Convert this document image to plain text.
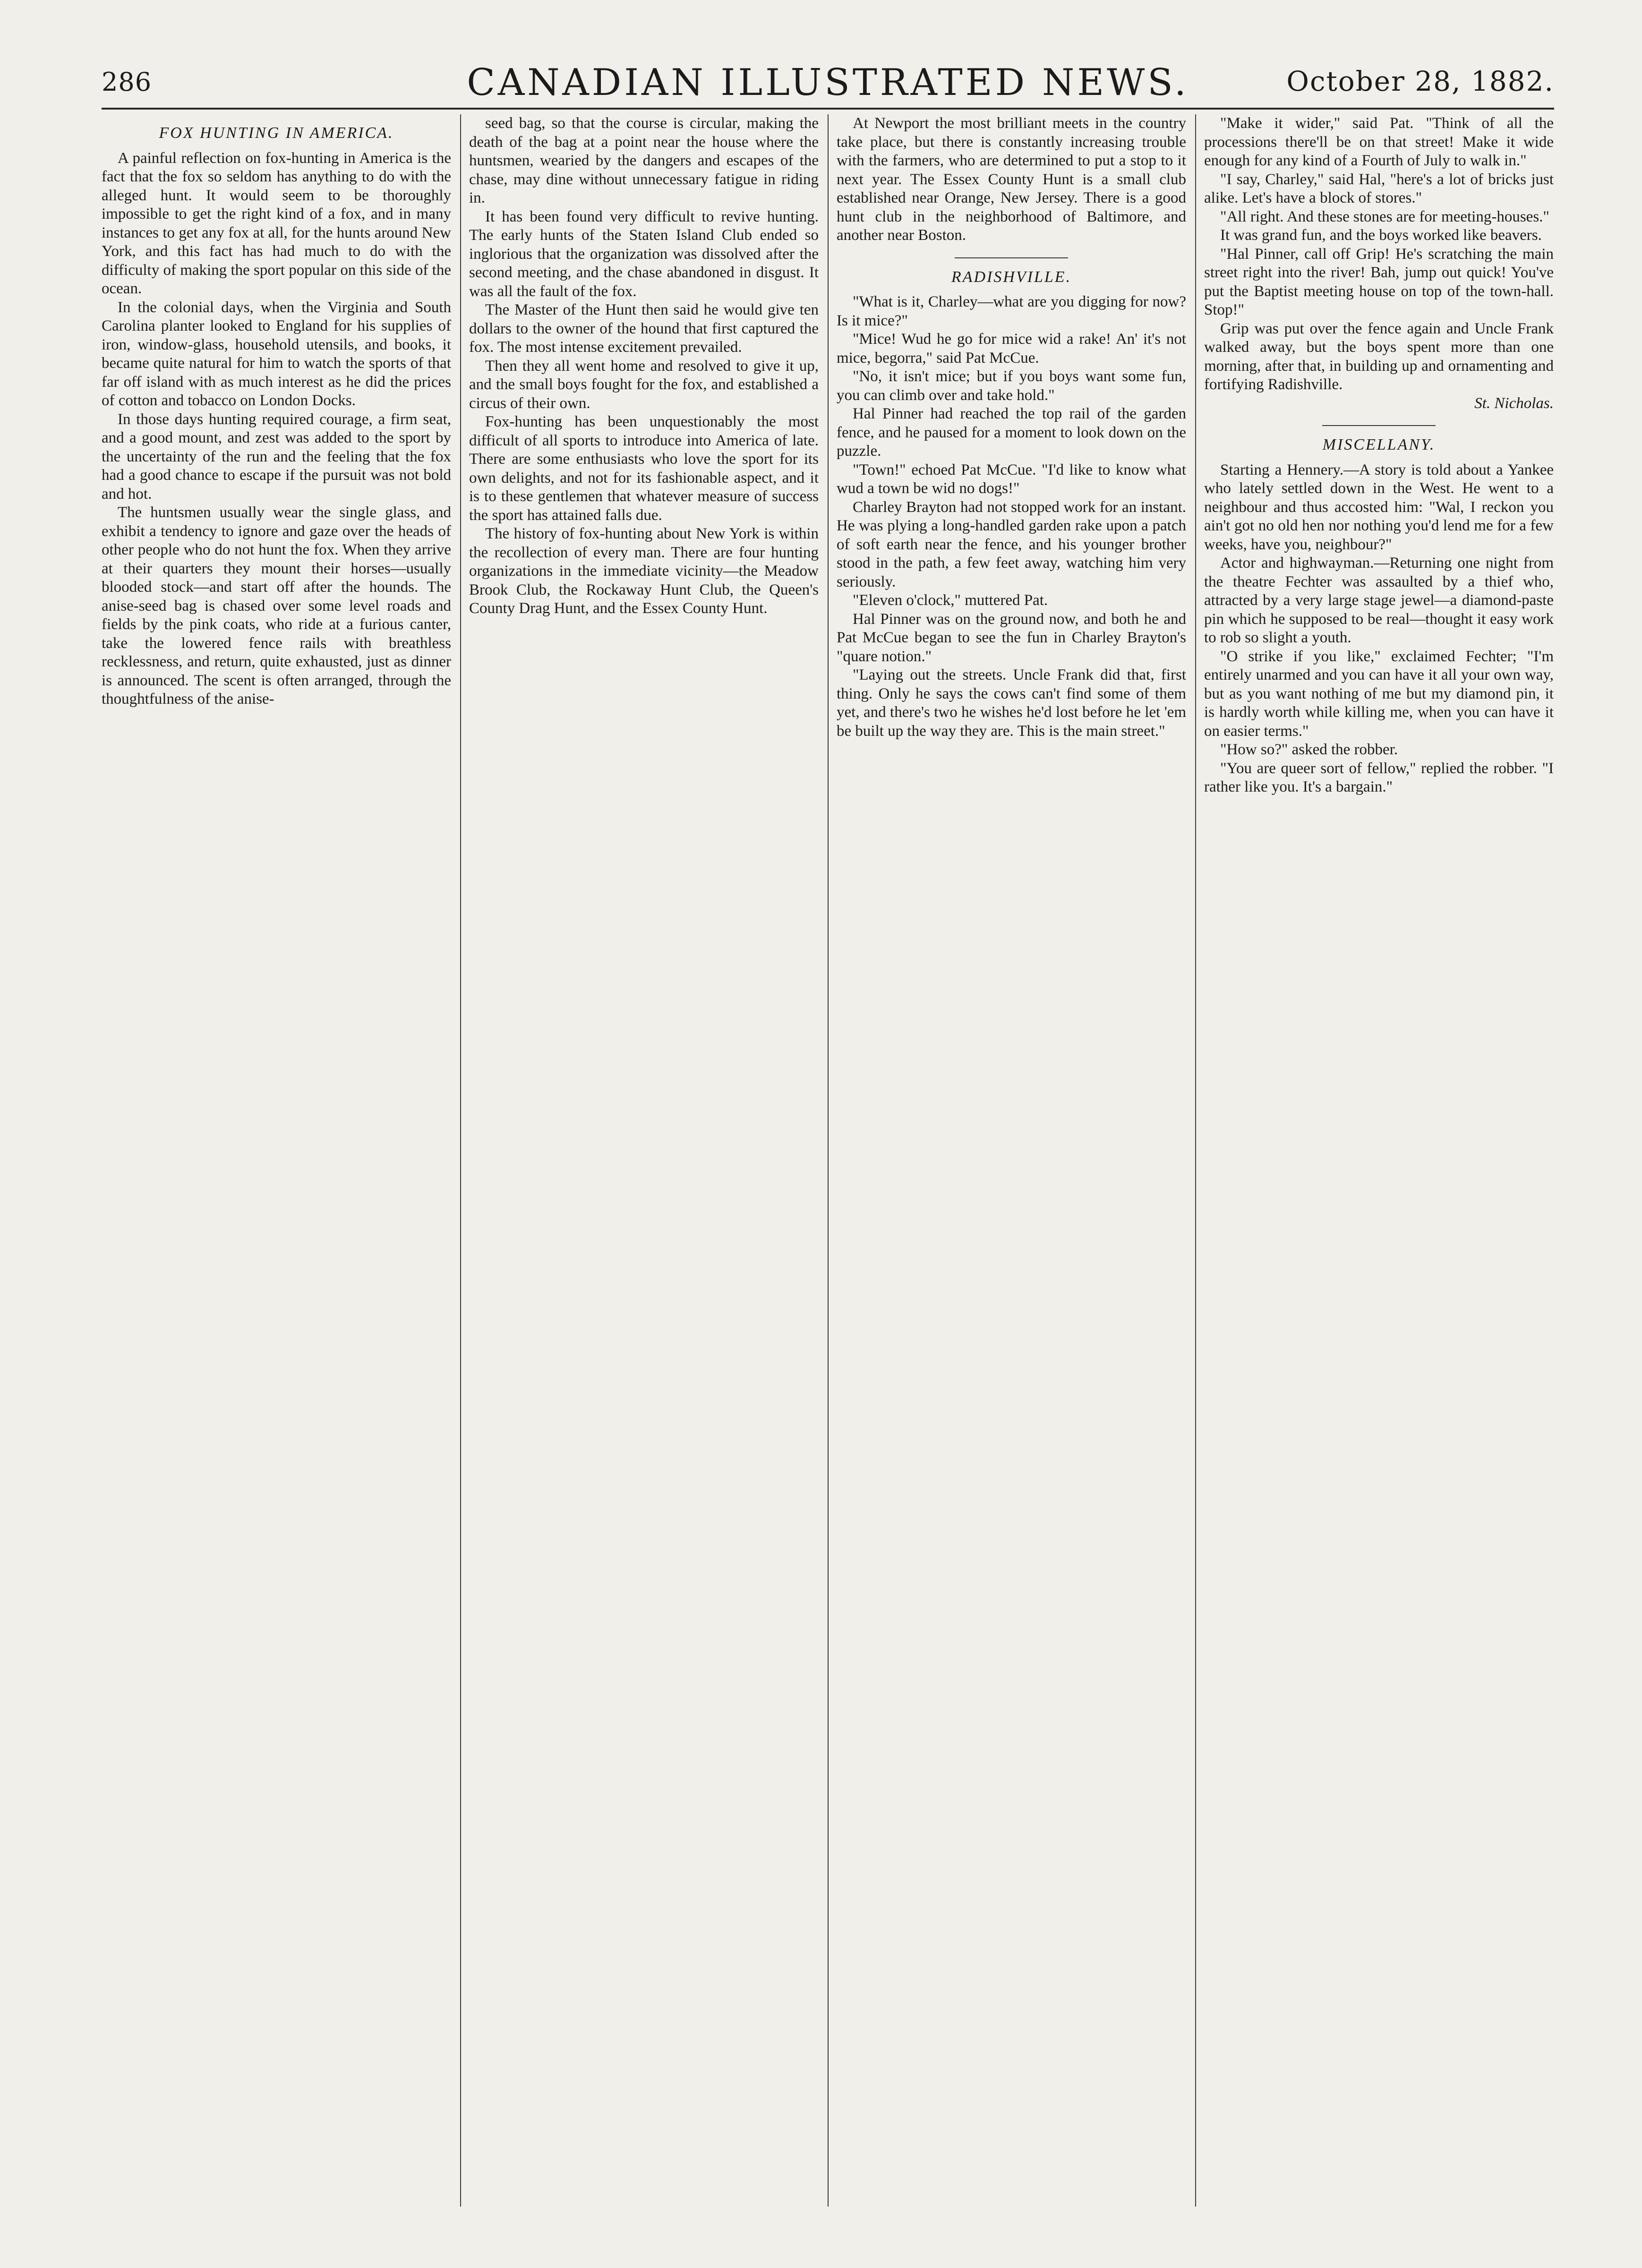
286	CANADIAN ILLUSTRATED NEWS.	October 28, 1882.

FOX HUNTING IN AMERICA.

A painful reflection on fox-hunting in America is the fact that the fox so seldom has anything to do with the alleged hunt. It would seem to be thoroughly impossible to get the right kind of a fox, and in many instances to get any fox at all, for the hunts around New York, and this fact has had much to do with the difficulty of making the sport popular on this side of the ocean.

In the colonial days, when the Virginia and South Carolina planter looked to England for his supplies of iron, window-glass, household utensils, and books, it became quite natural for him to watch the sports of that far off island with as much interest as he did the prices of cotton and tobacco on London Docks.

In those days hunting required courage, a firm seat, and a good mount, and zest was added to the sport by the uncertainty of the run and the feeling that the fox had a good chance to escape if the pursuit was not bold and hot.

The huntsmen usually wear the single glass, and exhibit a tendency to ignore and gaze over the heads of other people who do not hunt the fox. When they arrive at their quarters they mount their horses—usually blooded stock—and start off after the hounds. The anise-seed bag is chased over some level roads and fields by the pink coats, who ride at a furious canter, take the lowered fence rails with breathless recklessness, and return, quite exhausted, just as dinner is announced. The scent is often arranged, through the thoughtfulness of the anise-

seed bag, so that the course is circular, making the death of the bag at a point near the house where the huntsmen, wearied by the dangers and escapes of the chase, may dine without unnecessary fatigue in riding in.

It has been found very difficult to revive hunting. The early hunts of the Staten Island Club ended so inglorious that the organization was dissolved after the second meeting, and the chase abandoned in disgust. It was all the fault of the fox.

The Master of the Hunt then said he would give ten dollars to the owner of the hound that first captured the fox. The most intense excitement prevailed.

Then they all went home and resolved to give it up, and the small boys fought for the fox, and established a circus of their own.

Fox-hunting has been unquestionably the most difficult of all sports to introduce into America of late. There are some enthusiasts who love the sport for its own delights, and not for its fashionable aspect, and it is to these gentlemen that whatever measure of success the sport has attained falls due.

The history of fox-hunting about New York is within the recollection of every man. There are four hunting organizations in the immediate vicinity—the Meadow Brook Club, the Rockaway Hunt Club, the Queen's County Drag Hunt, and the Essex County Hunt.

At Newport the most brilliant meets in the country take place, but there is constantly increasing trouble with the farmers, who are determined to put a stop to it next year. The Essex County Hunt is a small club established near Orange, New Jersey. There is a good hunt club in the neighborhood of Baltimore, and another near Boston.

RADISHVILLE.

"What is it, Charley—what are you digging for now? Is it mice?"

"Mice! Wud he go for mice wid a rake! An' it's not mice, begorra," said Pat McCue.

"No, it isn't mice; but if you boys want some fun, you can climb over and take hold."

Hal Pinner had reached the top rail of the garden fence, and he paused for a moment to look down on the puzzle.

"Town!" echoed Pat McCue. "I'd like to know what wud a town be wid no dogs!"

Charley Brayton had not stopped work for an instant. He was plying a long-handled garden rake upon a patch of soft earth near the fence, and his younger brother stood in the path, a few feet away, watching him very seriously.

"Eleven o'clock," muttered Pat.

Hal Pinner was on the ground now, and both he and Pat McCue began to see the fun in Charley Brayton's "quare notion."

"Laying out the streets. Uncle Frank did that, first thing. Only he says the cows can't find some of them yet, and there's two he wishes he'd lost before he let 'em be built up the way they are. This is the main street."

"Make it wider," said Pat. "Think of all the processions there'll be on that street! Make it wide enough for any kind of a Fourth of July to walk in."

"I say, Charley," said Hal, "here's a lot of bricks just alike. Let's have a block of stores."

"All right. And these stones are for meeting-houses."

It was grand fun, and the boys worked like beavers.

"Hal Pinner, call off Grip! He's scratching the main street right into the river! Bah, jump out quick! You've put the Baptist meeting house on top of the town-hall. Stop!"

Grip was put over the fence again and Uncle Frank walked away, but the boys spent more than one morning, after that, in building up and ornamenting and fortifying Radishville.

St. Nicholas.

MISCELLANY.

Starting a Hennery.—A story is told about a Yankee who lately settled down in the West. He went to a neighbour and thus accosted him: "Wal, I reckon you ain't got no old hen nor nothing you'd lend me for a few weeks, have you, neighbour?"

Actor and highwayman.—Returning one night from the theatre Fechter was assaulted by a thief who, attracted by a very large stage jewel—a diamond-paste pin which he supposed to be real—thought it easy work to rob so slight a youth.

"O strike if you like," exclaimed Fechter; "I'm entirely unarmed and you can have it all your own way, but as you want nothing of me but my diamond pin, it is hardly worth while killing me, when you can have it on easier terms."

"How so?" asked the robber.

"You are queer sort of fellow," replied the robber. "I rather like you. It's a bargain."
